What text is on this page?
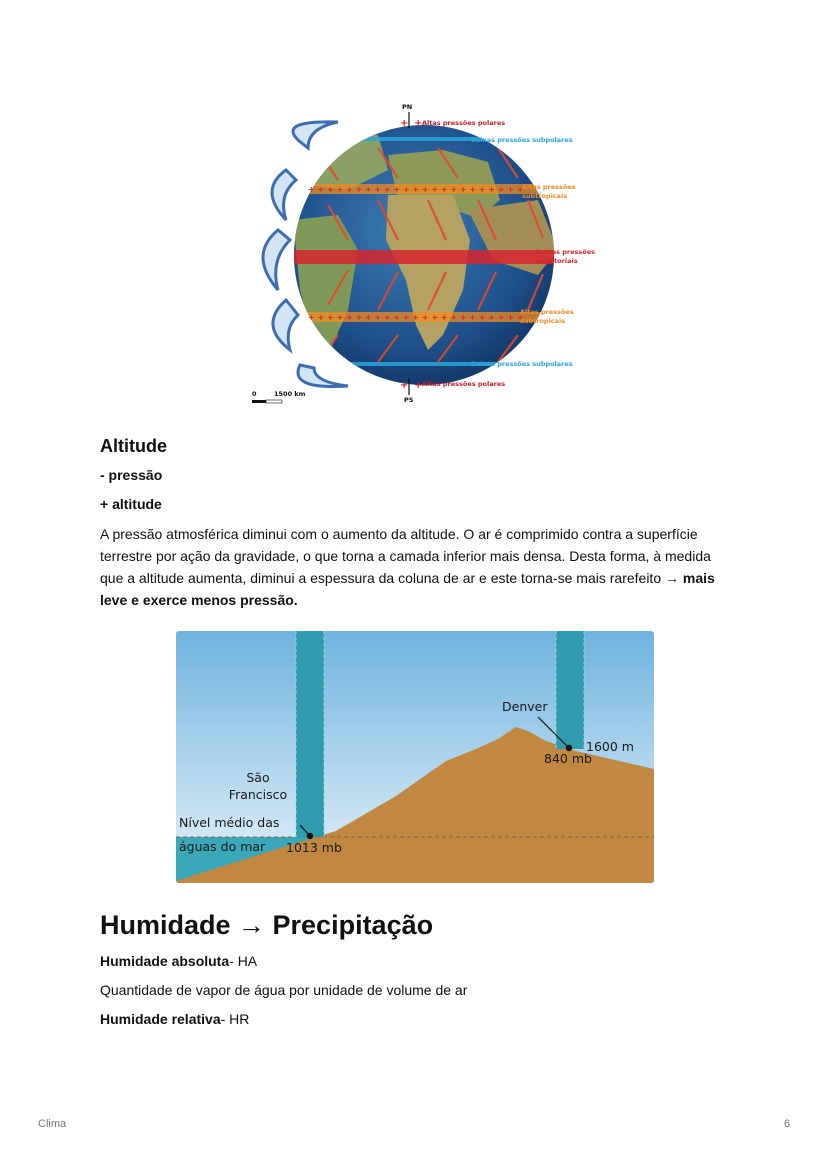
+ + + + + + + + + + + + + + + + + + + + + + +
+ + + + + + + + + + + + + + + + + + + + + + +
PN
PS
+ +
+ +
Altas pressões polares
Baixas pressões subpolares
Altas pressões
subtropicais
Baixas pressões
equatoriais
Altas pressões
subtropicais
Baixas pressões subpolares
Altas pressões polares
0	1500 km
Altitude
- pressão
+ altitude
A pressão atmosférica diminui com o aumento da altitude. O ar é comprimido contra a superfície terrestre por ação da gravidade, o que torna a camada inferior mais densa. Desta forma, à medida que a altitude aumenta, diminui a espessura da coluna de ar e este torna-se mais rarefeito → mais leve e exerce menos pressão.
São
Francisco
Nível médio das
águas do mar 1013 mb
Denver
1600 m
840 mb
Humidade → Precipitação
Humidade absoluta- HA
Quantidade de vapor de água por unidade de volume de ar
Humidade relativa- HR
Clima	6
